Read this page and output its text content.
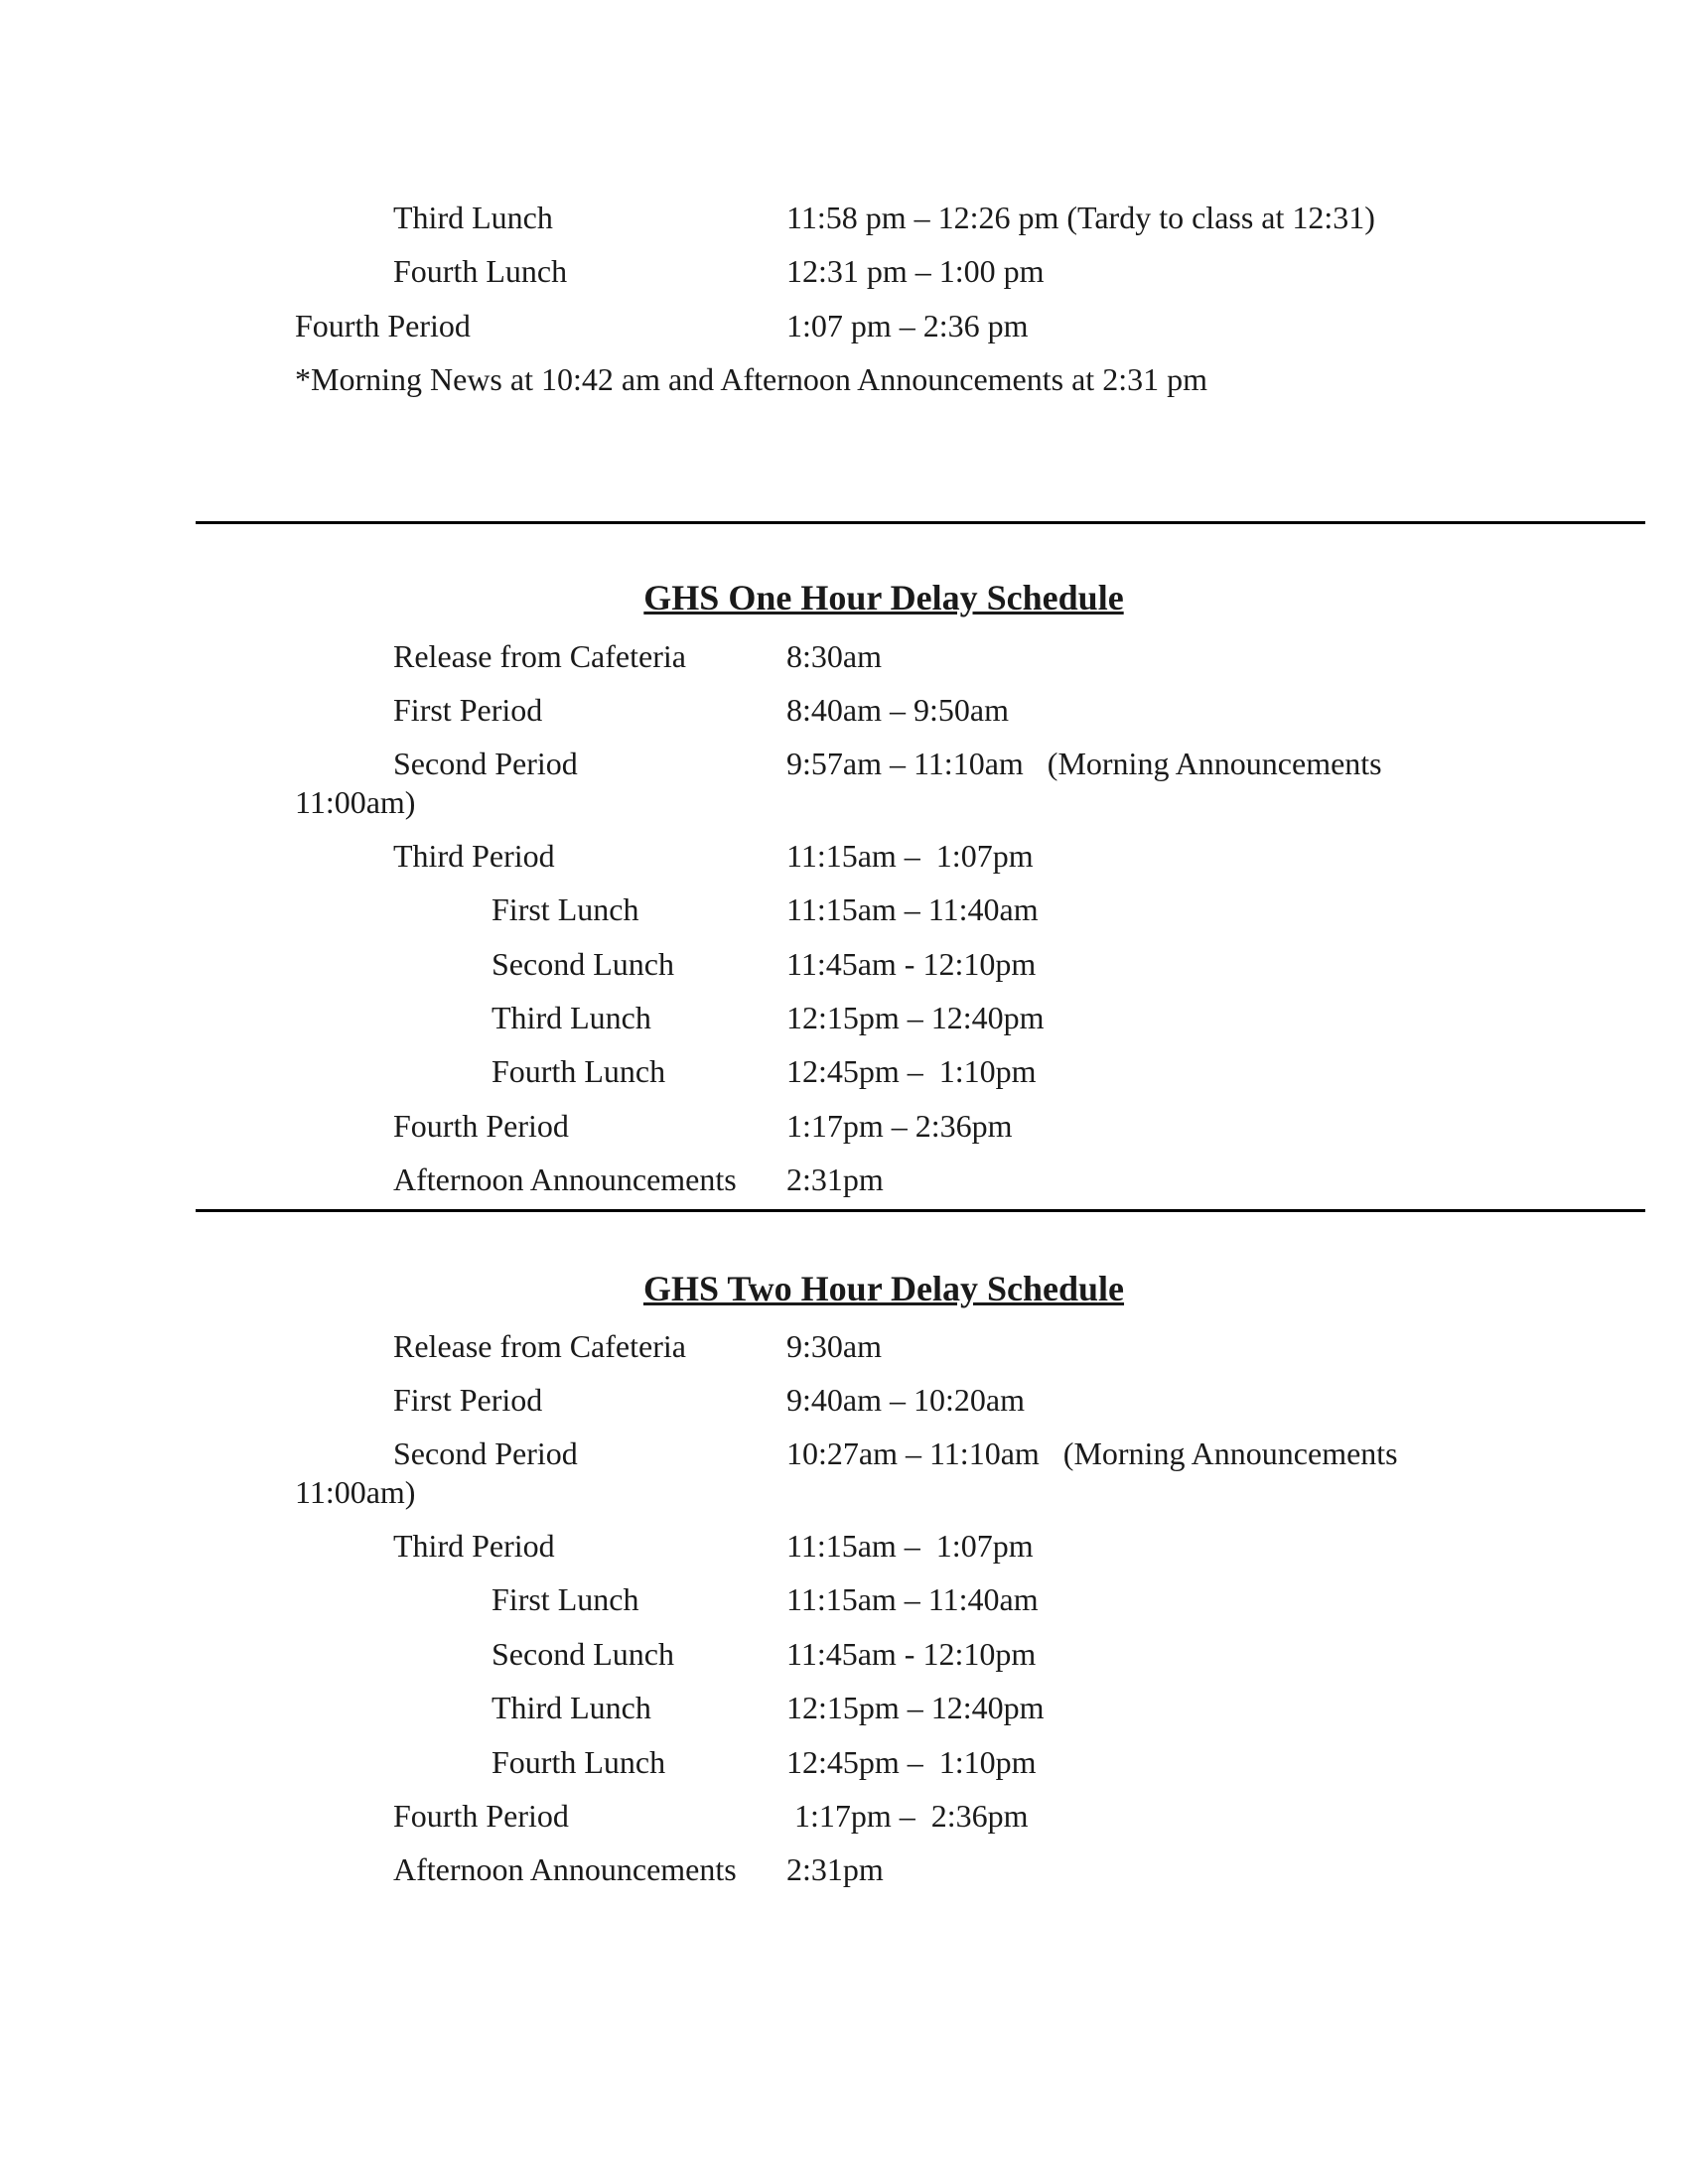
Third Lunch	11:58 pm – 12:26 pm (Tardy to class at 12:31)
Fourth Lunch	12:31 pm – 1:00 pm
Fourth Period	1:07 pm – 2:36 pm
*Morning News at 10:42 am and Afternoon Announcements at 2:31 pm
GHS One Hour Delay Schedule
Release from Cafeteria	8:30am
First Period	8:40am – 9:50am
Second Period	9:57am – 11:10am   (Morning Announcements
11:00am)
Third Period	11:15am –  1:07pm
First Lunch	11:15am – 11:40am
Second Lunch	11:45am - 12:10pm
Third Lunch	12:15pm – 12:40pm
Fourth Lunch	12:45pm –  1:10pm
Fourth Period	1:17pm – 2:36pm
Afternoon Announcements 2:31pm
GHS Two Hour Delay Schedule
Release from Cafeteria	9:30am
First Period	9:40am – 10:20am
Second Period	10:27am – 11:10am   (Morning Announcements
11:00am)
Third Period	11:15am –  1:07pm
First Lunch	11:15am – 11:40am
Second Lunch	11:45am - 12:10pm
Third Lunch	12:15pm – 12:40pm
Fourth Lunch	12:45pm –  1:10pm
Fourth Period	1:17pm –  2:36pm
Afternoon Announcements 2:31pm
